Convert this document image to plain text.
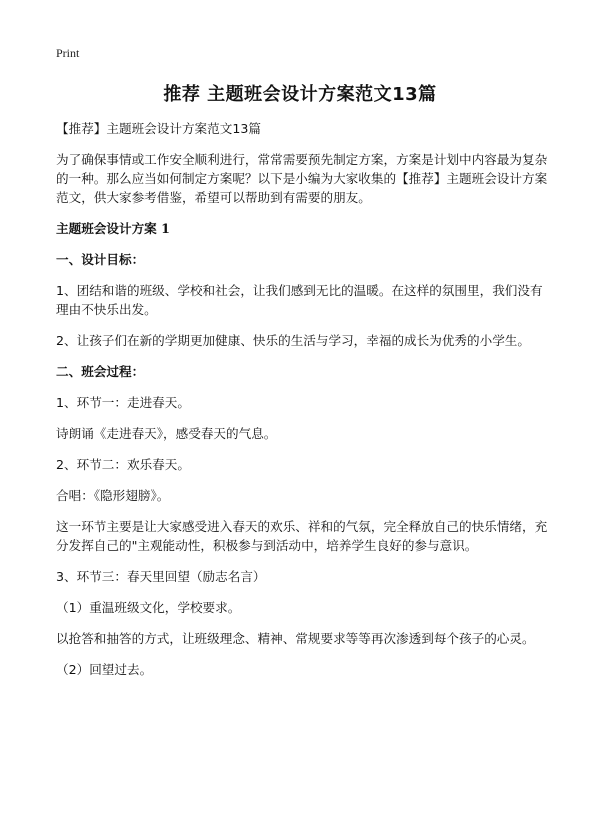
Print
推荐 主题班会设计方案范文13篇

【推荐】主题班会设计方案范文13篇

为了确保事情或工作安全顺利进行，常常需要预先制定方案，方案是计划中内容最为复杂的一种。那么应当如何制定方案呢？以下是小编为大家收集的【推荐】主题班会设计方案范文，供大家参考借鉴，希望可以帮助到有需要的朋友。

主题班会设计方案 1

一、设计目标：

1、团结和谐的班级、学校和社会，让我们感到无比的温暖。在这样的氛围里，我们没有理由不快乐出发。

2、让孩子们在新的学期更加健康、快乐的生活与学习，幸福的成长为优秀的小学生。

二、班会过程：

1、环节一：走进春天。

诗朗诵《走进春天》，感受春天的气息。

2、环节二：欢乐春天。

合唱：《隐形翅膀》。

这一环节主要是让大家感受进入春天的欢乐、祥和的气氛，完全释放自己的快乐情绪，充分发挥自己的"主观能动性，积极参与到活动中，培养学生良好的参与意识。

3、环节三：春天里回望（励志名言）

（1）重温班级文化，学校要求。

以抢答和抽答的方式，让班级理念、精神、常规要求等等再次渗透到每个孩子的心灵。

（2）回望过去。
